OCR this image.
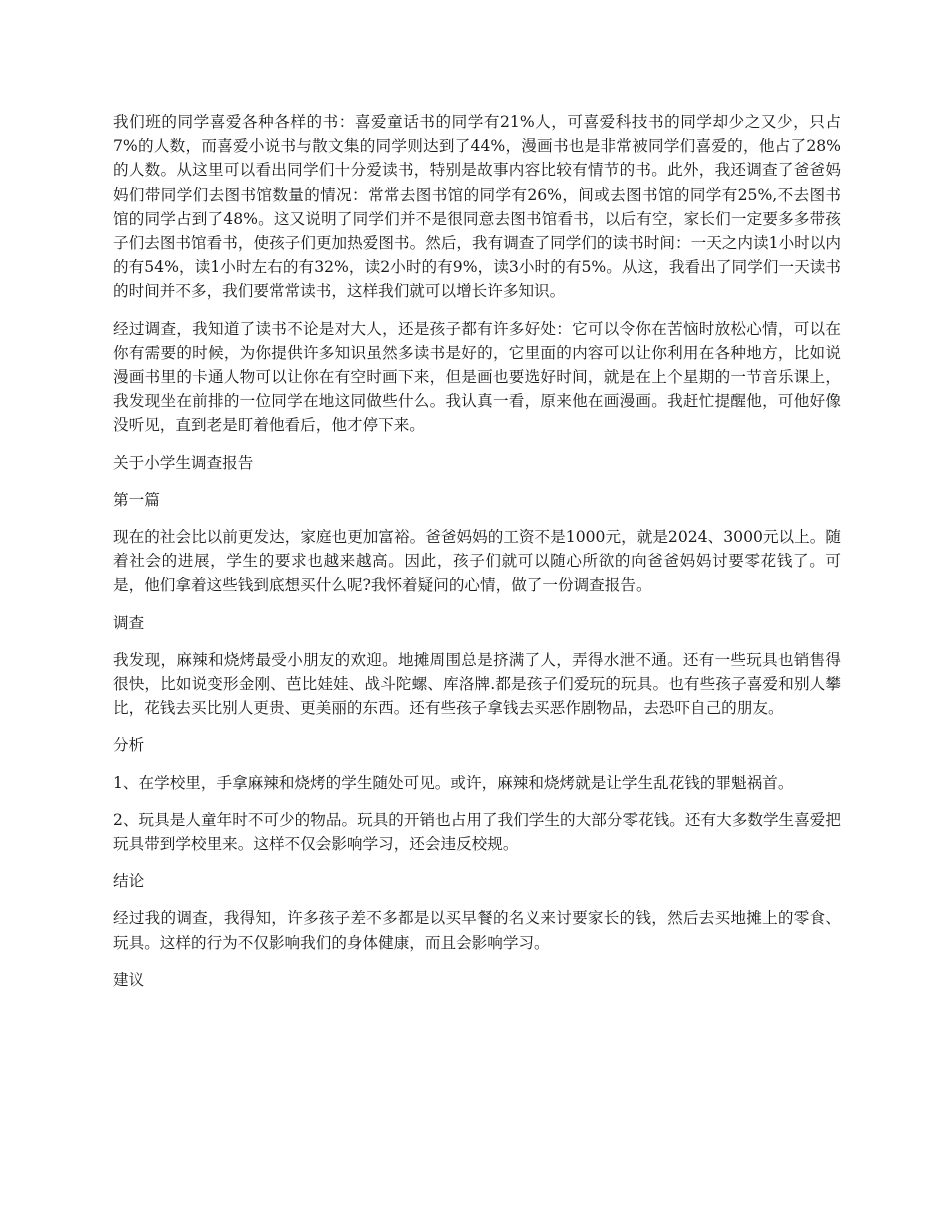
我们班的同学喜爱各种各样的书：喜爱童话书的同学有21%人，可喜爱科技书的同学却少之又少，只占7%的人数，而喜爱小说书与散文集的同学则达到了44%，漫画书也是非常被同学们喜爱的，他占了28%的人数。从这里可以看出同学们十分爱读书，特别是故事内容比较有情节的书。此外，我还调查了爸爸妈妈们带同学们去图书馆数量的情况：常常去图书馆的同学有26%，间或去图书馆的同学有25%,不去图书馆的同学占到了48%。这又说明了同学们并不是很同意去图书馆看书，以后有空，家长们一定要多多带孩子们去图书馆看书，使孩子们更加热爱图书。然后，我有调查了同学们的读书时间：一天之内读1小时以内的有54%，读1小时左右的有32%，读2小时的有9%，读3小时的有5%。从这，我看出了同学们一天读书的时间并不多，我们要常常读书，这样我们就可以增长许多知识。

经过调查，我知道了读书不论是对大人，还是孩子都有许多好处：它可以令你在苦恼时放松心情，可以在你有需要的时候，为你提供许多知识虽然多读书是好的，它里面的内容可以让你利用在各种地方，比如说漫画书里的卡通人物可以让你在有空时画下来，但是画也要选好时间，就是在上个星期的一节音乐课上，我发现坐在前排的一位同学在地这同做些什么。我认真一看，原来他在画漫画。我赶忙提醒他，可他好像没听见，直到老是盯着他看后，他才停下来。

关于小学生调查报告

第一篇

现在的社会比以前更发达，家庭也更加富裕。爸爸妈妈的工资不是1000元，就是2024、3000元以上。随着社会的进展，学生的要求也越来越高。因此，孩子们就可以随心所欲的向爸爸妈妈讨要零花钱了。可是，他们拿着这些钱到底想买什么呢?我怀着疑问的心情，做了一份调查报告。

调查

我发现，麻辣和烧烤最受小朋友的欢迎。地摊周围总是挤满了人，弄得水泄不通。还有一些玩具也销售得很快，比如说变形金刚、芭比娃娃、战斗陀螺、库洛牌.都是孩子们爱玩的玩具。也有些孩子喜爱和别人攀比，花钱去买比别人更贵、更美丽的东西。还有些孩子拿钱去买恶作剧物品，去恐吓自己的朋友。

分析

1、在学校里，手拿麻辣和烧烤的学生随处可见。或许，麻辣和烧烤就是让学生乱花钱的罪魁祸首。

2、玩具是人童年时不可少的物品。玩具的开销也占用了我们学生的大部分零花钱。还有大多数学生喜爱把玩具带到学校里来。这样不仅会影响学习，还会违反校规。

结论

经过我的调查，我得知，许多孩子差不多都是以买早餐的名义来讨要家长的钱，然后去买地摊上的零食、玩具。这样的行为不仅影响我们的身体健康，而且会影响学习。

建议
